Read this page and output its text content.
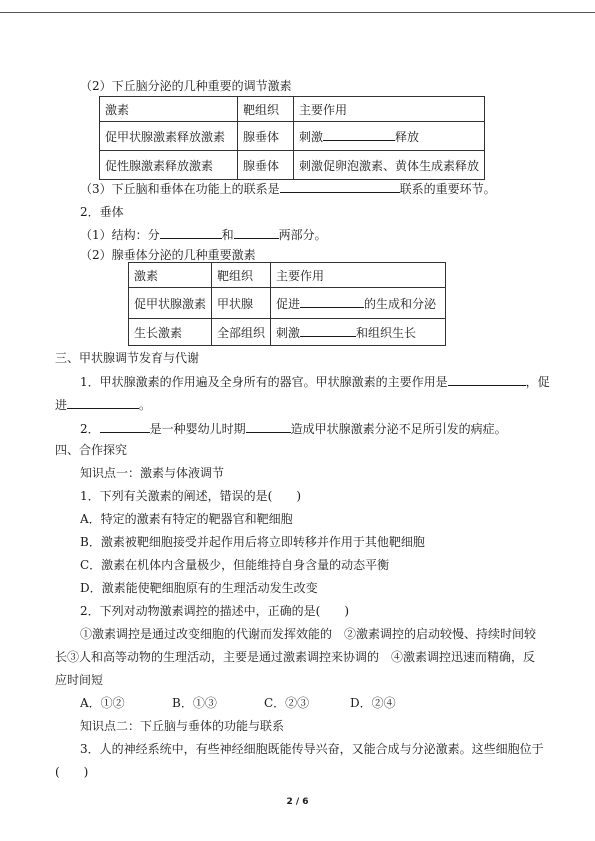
（2）下丘脑分泌的几种重要的调节激素
激素	靶组织	主要作用
促甲状腺激素释放激素	腺垂体	刺激 释放
促性腺激素释放激素	腺垂体	刺激促卵泡激素、黄体生成素释放
（3）下丘脑和垂体在功能上的联系是	联系的重要环节。
2．垂体
（1）结构：分	和	两部分。
（2）腺垂体分泌的几种重要激素
激素	靶组织	主要作用
促甲状腺激素	甲状腺	促进 的生成和分泌
生长激素	全部组织	刺激 和组织生长
三、甲状腺调节发育与代谢
1．甲状腺激素的作用遍及全身所有的器官。甲状腺激素的主要作用是	，促
进	。
2．	是一种婴幼儿时期	造成甲状腺激素分泌不足所引发的病症。
四、合作探究
知识点一：激素与体液调节
1．下列有关激素的阐述，错误的是(　　)
A．特定的激素有特定的靶器官和靶细胞
B．激素被靶细胞接受并起作用后将立即转移并作用于其他靶细胞
C．激素在机体内含量极少，但能维持自身含量的动态平衡
D．激素能使靶细胞原有的生理活动发生改变
2．下列对动物激素调控的描述中，正确的是(　　)
①激素调控是通过改变细胞的代谢而发挥效能的　②激素调控的启动较慢、持续时间较
长③人和高等动物的生理活动，主要是通过激素调控来协调的　④激素调控迅速而精确，反
应时间短
A．①②	B．①③	C．②③	D．②④
知识点二：下丘脑与垂体的功能与联系
3．人的神经系统中，有些神经细胞既能传导兴奋，又能合成与分泌激素。这些细胞位于
(　　)
2 / 6
